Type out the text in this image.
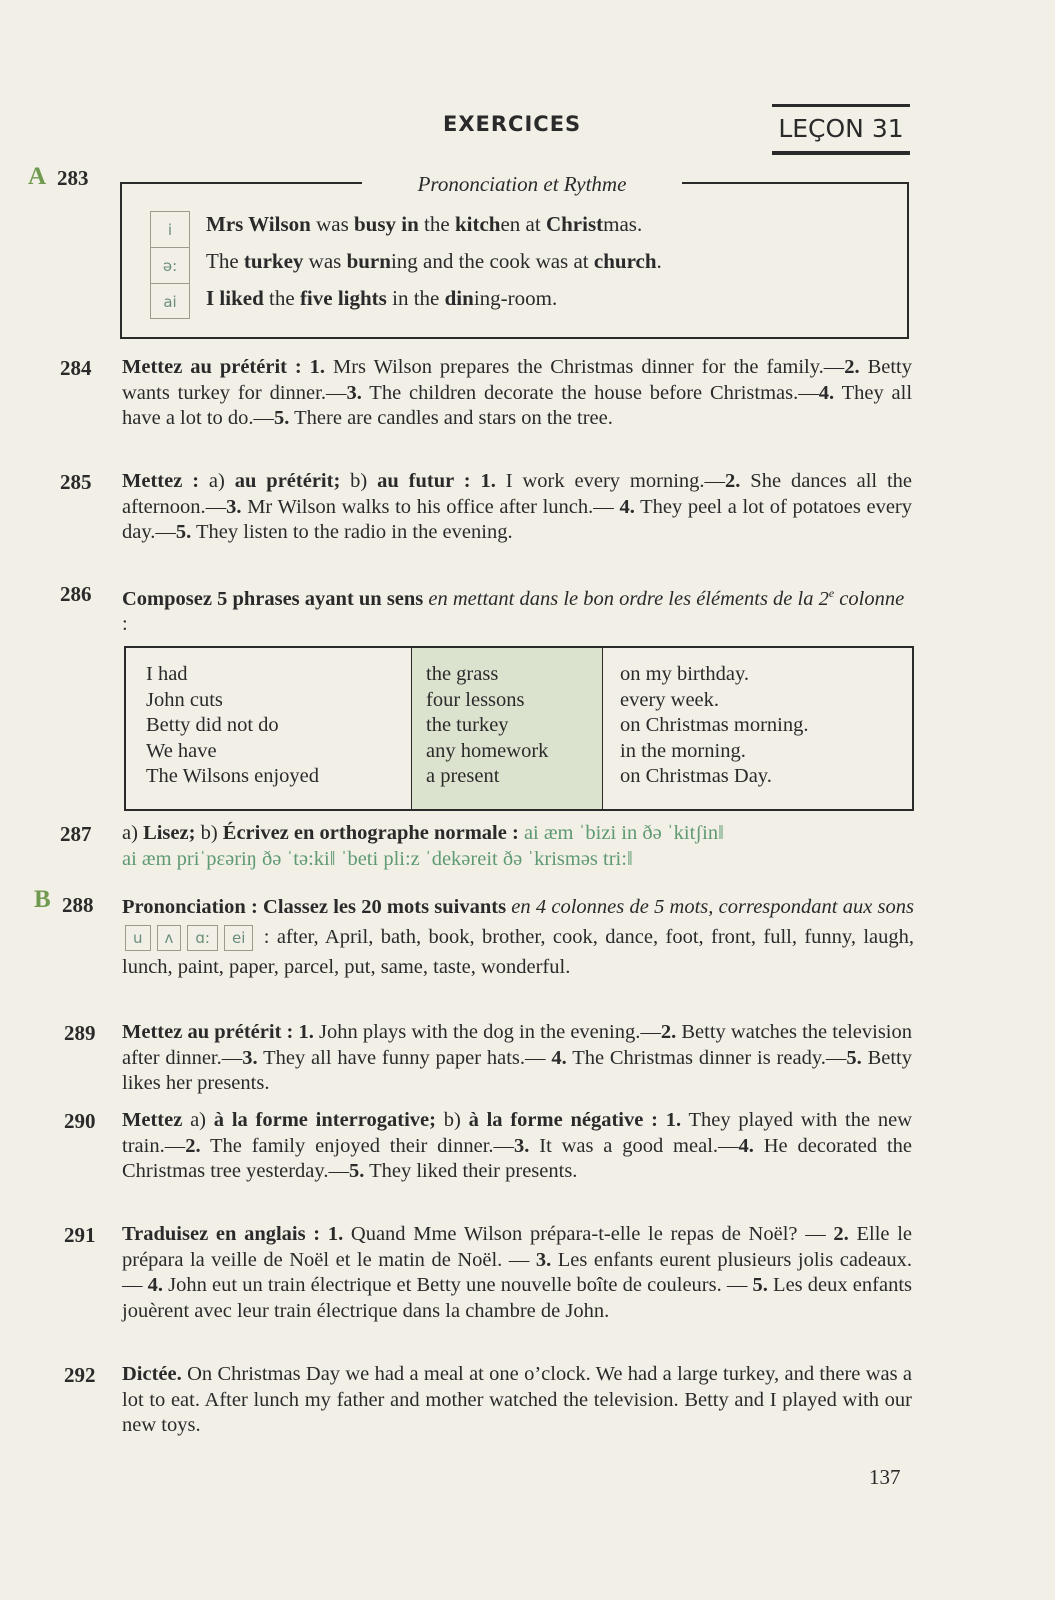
EXERCICES	LEÇON 31
A 283	Prononciation et Rythme
i
ə:
ai
Mrs Wilson was busy in the kitchen at Christmas.
The turkey was burning and the cook was at church.
I liked the five lights in the dining-room.
284 Mettez au prétérit : 1. Mrs Wilson prepares the Christmas dinner for the family.—2. Betty wants turkey for dinner.—3. The children decorate the house before Christmas.—4. They all have a lot to do.—5. There are candles and stars on the tree.
285 Mettez : a) au prétérit; b) au futur : 1. I work every morning.—2. She dances all the afternoon.—3. Mr Wilson walks to his office after lunch.— 4. They peel a lot of potatoes every day.—5. They listen to the radio in the evening.
286 Composez 5 phrases ayant un sens en mettant dans le bon ordre les éléments de la 2e colonne :
I had
John cuts
Betty did not do
We have
The Wilsons enjoyed
the grass
four lessons
the turkey
any homework
a present
on my birthday.
every week.
on Christmas morning.
in the morning.
on Christmas Day.
287 a) Lisez; b) Écrivez en orthographe normale : ai æm ˈbizi in ðə ˈkitʃin‖
ai æm priˈpɛəriŋ ðə ˈtə:ki‖ ˈbeti pli:z ˈdekəreit ðə ˈkrisməs tri:‖
B 288 Prononciation : Classez les 20 mots suivants en 4 colonnes de 5 mots, correspondant aux sons u ʌ ɑ: ei : after, April, bath, book, brother, cook, dance, foot, front, full, funny, laugh, lunch, paint, paper, parcel, put, same, taste, wonderful.
289 Mettez au prétérit : 1. John plays with the dog in the evening.—2. Betty watches the television after dinner.—3. They all have funny paper hats.— 4. The Christmas dinner is ready.—5. Betty likes her presents.
290 Mettez a) à la forme interrogative; b) à la forme négative : 1. They played with the new train.—2. The family enjoyed their dinner.—3. It was a good meal.—4. He decorated the Christmas tree yesterday.—5. They liked their presents.
291 Traduisez en anglais : 1. Quand Mme Wilson prépara-t-elle le repas de Noël? — 2. Elle le prépara la veille de Noël et le matin de Noël. — 3. Les enfants eurent plusieurs jolis cadeaux. — 4. John eut un train électrique et Betty une nouvelle boîte de couleurs. — 5. Les deux enfants jouèrent avec leur train électrique dans la chambre de John.
292 Dictée. On Christmas Day we had a meal at one o’clock. We had a large turkey, and there was a lot to eat. After lunch my father and mother watched the television. Betty and I played with our new toys.
137
